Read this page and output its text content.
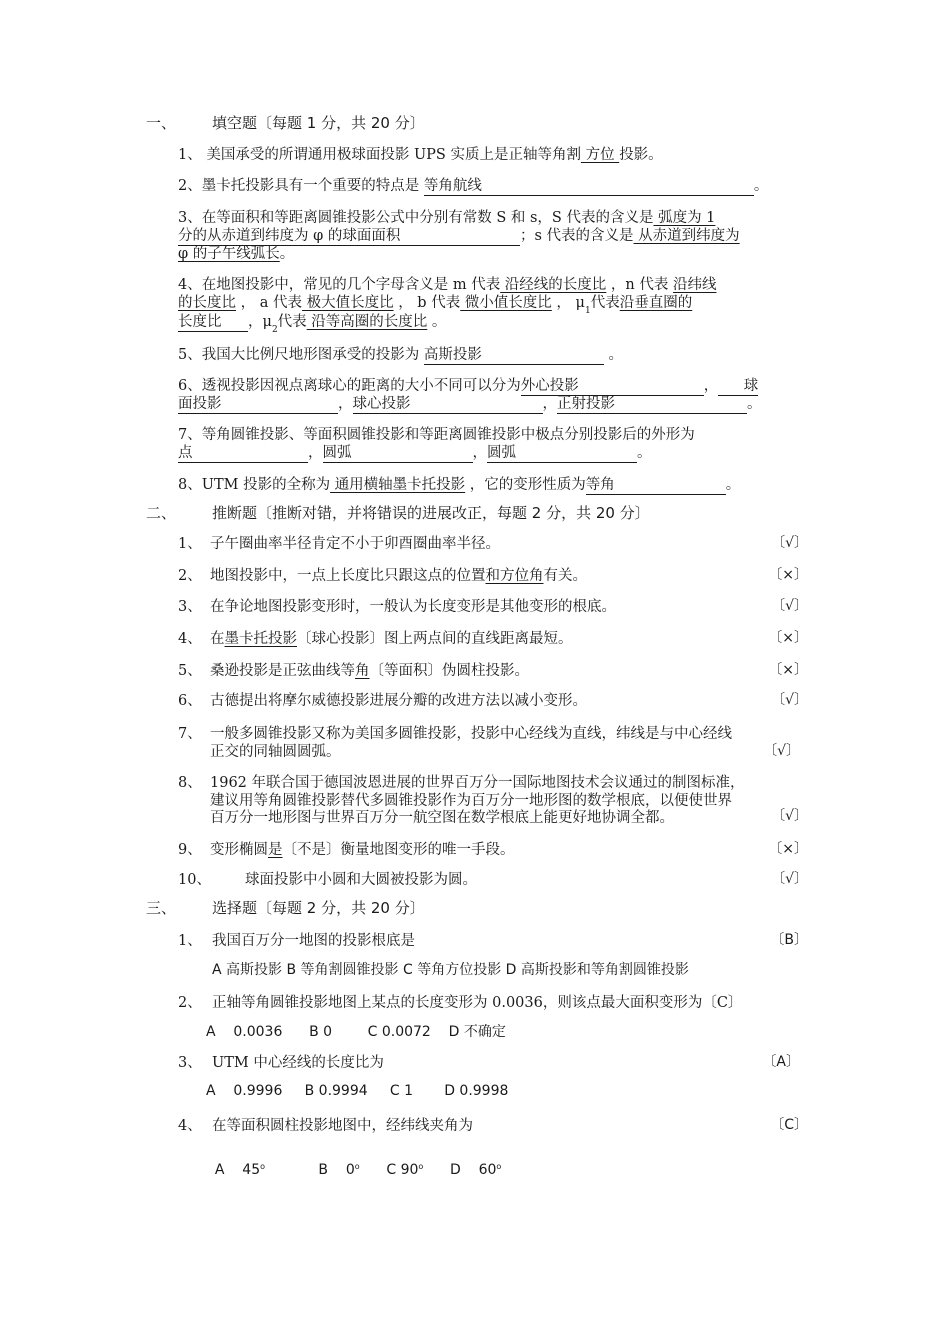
一、 填空题〔每题 1 分，共 20 分〕
1、 美国承受的所谓通用极球面投影 UPS 实质上是正轴等角割 方位 投影。
2、墨卡托投影具有一个重要的特点是 等角航线	。
3、在等面积和等距离圆锥投影公式中分别有常数 S 和 s，S 代表的含义是 弧度为 1
分的从赤道到纬度为 φ 的球面面积	；s 代表的含义是 从赤道到纬度为
φ 的子午线弧长。
4、在地图投影中，常见的几个字母含义是 m 代表 沿经线的长度比 ，n 代表 沿纬线
的长度比 ， a 代表 极大值长度比 ， b 代表 微小值长度比 ， $\mu_1$代表沿垂直圈的
长度比 ，$\mu_2$代表 沿等高圈的长度比 。
5、我国大比例尺地形图承受的投影为 高斯投影	。
6、透视投影因视点离球心的距离的大小不同可以分为外心投影	， 球
面投影	，球心投影	，正射投影	。
7、等角圆锥投影、等面积圆锥投影和等距离圆锥投影中极点分别投影后的外形为
点	，圆弧	，圆弧	。
8、UTM 投影的全称为 通用横轴墨卡托投影 ，它的变形性质为等角	。
二、 推断题〔推断对错，并将错误的进展改正，每题 2 分，共 20 分〕
1、 子午圈曲率半径肯定不小于卯酉圈曲率半径。	〔√〕
2、 地图投影中，一点上长度比只跟这点的位置和方位角有关。	〔×〕
3、 在争论地图投影变形时，一般认为长度变形是其他变形的根底。	〔√〕
4、 在墨卡托投影〔球心投影〕图上两点间的直线距离最短。	〔×〕
5、 桑逊投影是正弦曲线等角〔等面积〕伪圆柱投影。	〔×〕
6、 古德提出将摩尔威德投影进展分瓣的改进方法以减小变形。	〔√〕
7、 一般多圆锥投影又称为美国多圆锥投影，投影中心经线为直线，纬线是与中心经线
正交的同轴圆圆弧。	〔√〕
8、 1962 年联合国于德国波恩进展的世界百万分一国际地图技术会议通过的制图标准，
建议用等角圆锥投影替代多圆锥投影作为百万分一地形图的数学根底，以便使世界
百万分一地形图与世界百万分一航空图在数学根底上能更好地协调全都。	〔√〕
9、 变形椭圆是〔不是〕衡量地图变形的唯一手段。	〔×〕
10、 球面投影中小圆和大圆被投影为圆。	〔√〕
三、 选择题〔每题 2 分，共 20 分〕
1、 我国百万分一地图的投影根底是	〔B〕
A 高斯投影 B 等角割圆锥投影 C 等角方位投影 D 高斯投影和等角割圆锥投影
2、 正轴等角圆锥投影地图上某点的长度变形为 0.0036，则该点最大面积变形为〔C〕
A    0.0036      B 0        C 0.0072    D 不确定
3、 UTM 中心经线的长度比为	〔A〕
A    0.9996     B 0.9994     C 1       D 0.9998
4、 在等面积圆柱投影地图中，经纬线夹角为	〔C〕

A    45$^o$	B    0$^o$ C 90$^o$ D    60$^o$
